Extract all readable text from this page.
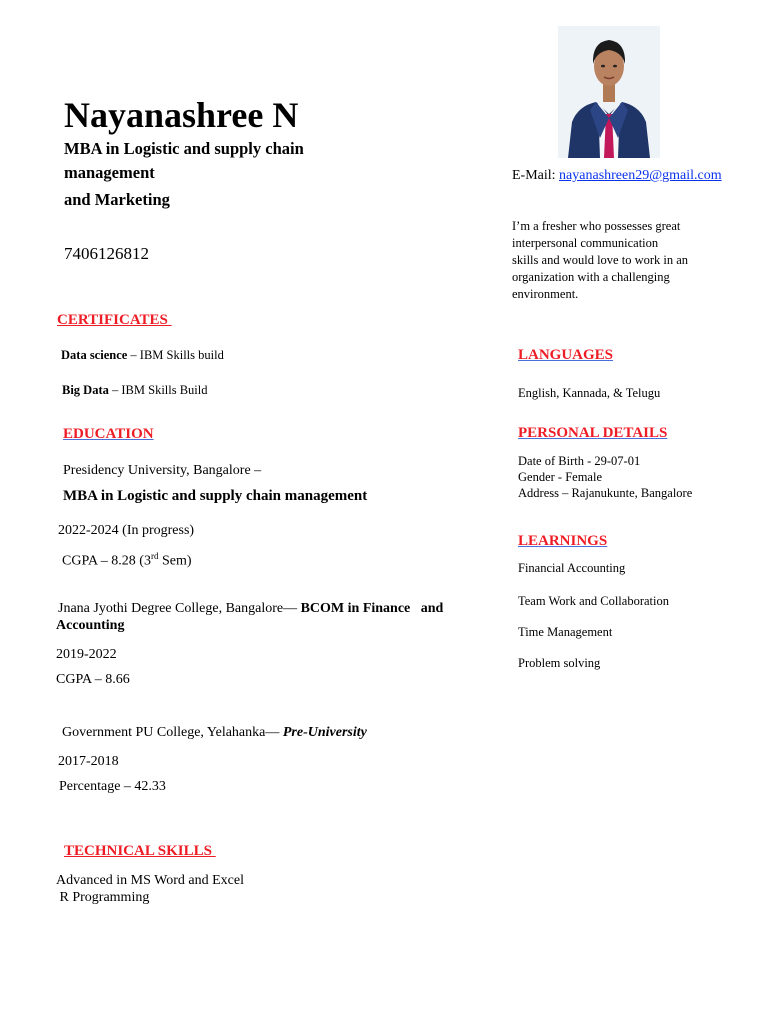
Nayanashree N
MBA in Logistic and supply chain management
and Marketing
7406126812
CERTIFICATES
Data science – IBM Skills build
Big Data – IBM Skills Build
EDUCATION
Presidency University, Bangalore –
MBA in Logistic and supply chain management
2022-2024 (In progress)
CGPA – 8.28 (3rd Sem)
Jnana Jyothi Degree College, Bangalore— BCOM in Finance   and
Accounting
2019-2022
CGPA – 8.66
Government PU College, Yelahanka— Pre-University
2017-2018
Percentage – 42.33
TECHNICAL SKILLS
Advanced in MS Word and Excel
R Programming
E-Mail: nayanashreen29@gmail.com
I’m a fresher who possesses great
interpersonal communication
skills and would love to work in an
organization with a challenging
environment.
LANGUAGES
English, Kannada, & Telugu
PERSONAL DETAILS
Date of Birth - 29-07-01
Gender - Female
Address – Rajanukunte, Bangalore
LEARNINGS
Financial Accounting
Team Work and Collaboration
Time Management
Problem solving
